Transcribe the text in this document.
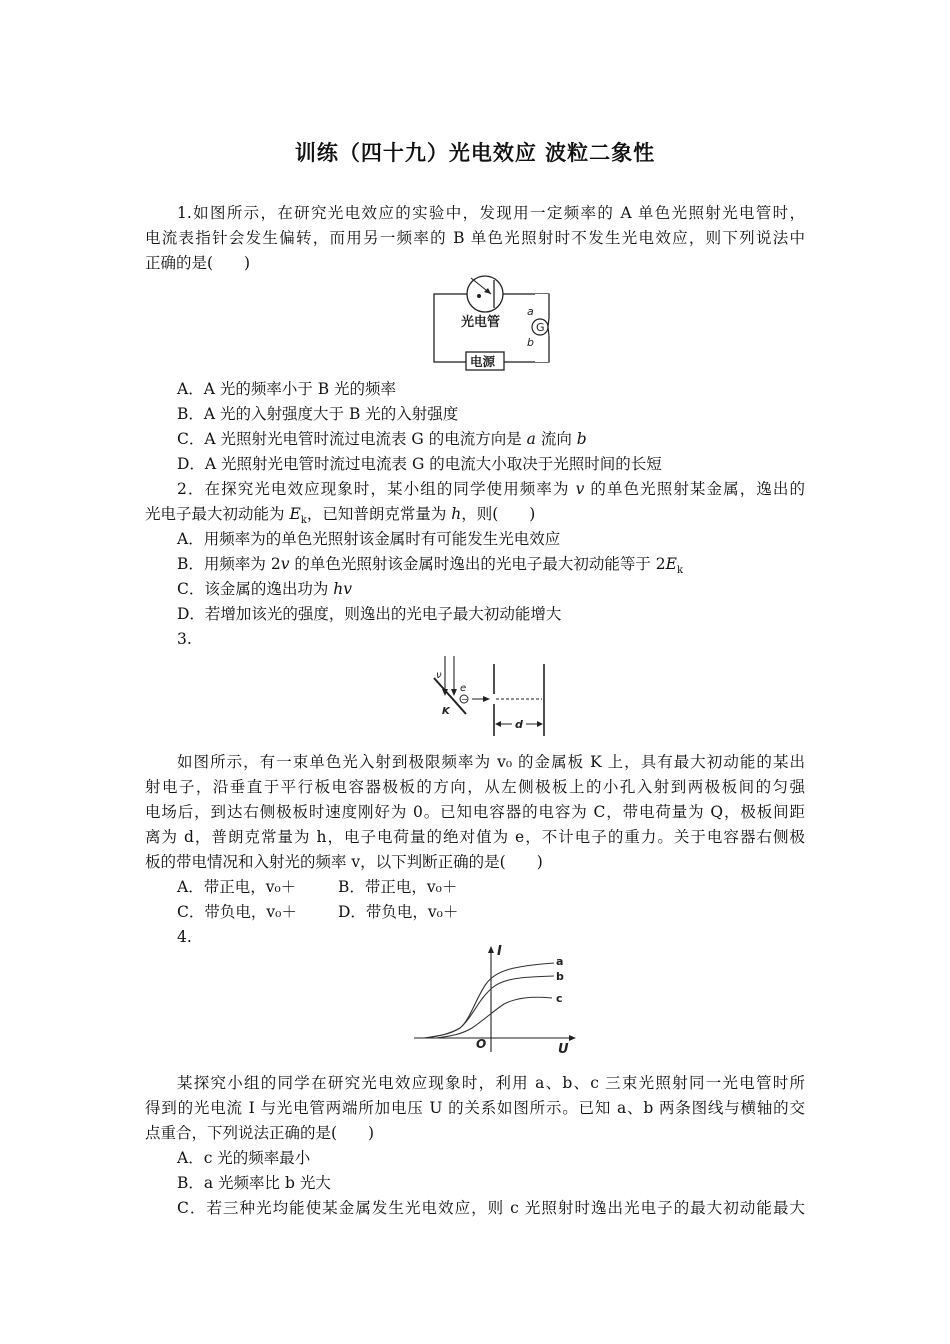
训练（四十九）光电效应 波粒二象性
1.如图所示，在研究光电效应的实验中，发现用一定频率的 A 单色光照射光电管时，
电流表指针会发生偏转，而用另一频率的 B 单色光照射时不发生光电效应，则下列说法中
正确的是(　　)
光电管	G
a
b
电源
A．A 光的频率小于 B 光的频率
B．A 光的入射强度大于 B 光的入射强度
C．A 光照射光电管时流过电流表 G 的电流方向是 a 流向 b
D．A 光照射光电管时流过电流表 G 的电流大小取决于光照时间的长短
2．在探究光电效应现象时，某小组的同学使用频率为 v 的单色光照射某金属，逸出的
光电子最大初动能为 $E_k$，已知普朗克常量为 h，则(　　)
A．用频率为的单色光照射该金属时有可能发生光电效应
B．用频率为 2v 的单色光照射该金属时逸出的光电子最大初动能等于 $2E_k$
C．该金属的逸出功为 hv
D．若增加该光的强度，则逸出的光电子最大初动能增大
3.
ν
K
e
−
d
如图所示，有一束单色光入射到极限频率为 v₀ 的金属板 K 上，具有最大初动能的某出
射电子，沿垂直于平行板电容器极板的方向，从左侧极板上的小孔入射到两极板间的匀强
电场后，到达右侧极板时速度刚好为 0。已知电容器的电容为 C，带电荷量为 Q，极板间距
离为 d，普朗克常量为 h，电子电荷量的绝对值为 e，不计电子的重力。关于电容器右侧极
板的带电情况和入射光的频率 v，以下判断正确的是(　　)
A．带正电，v₀＋	B．带正电，v₀＋
C．带负电，v₀＋	D．带负电，v₀＋
4.
I
U
O
a
b
c
某探究小组的同学在研究光电效应现象时，利用 a、b、c 三束光照射同一光电管时所
得到的光电流 I 与光电管两端所加电压 U 的关系如图所示。已知 a、b 两条图线与横轴的交
点重合，下列说法正确的是(　　)
A．c 光的频率最小
B．a 光频率比 b 光大
C．若三种光均能使某金属发生光电效应，则 c 光照射时逸出光电子的最大初动能最大
